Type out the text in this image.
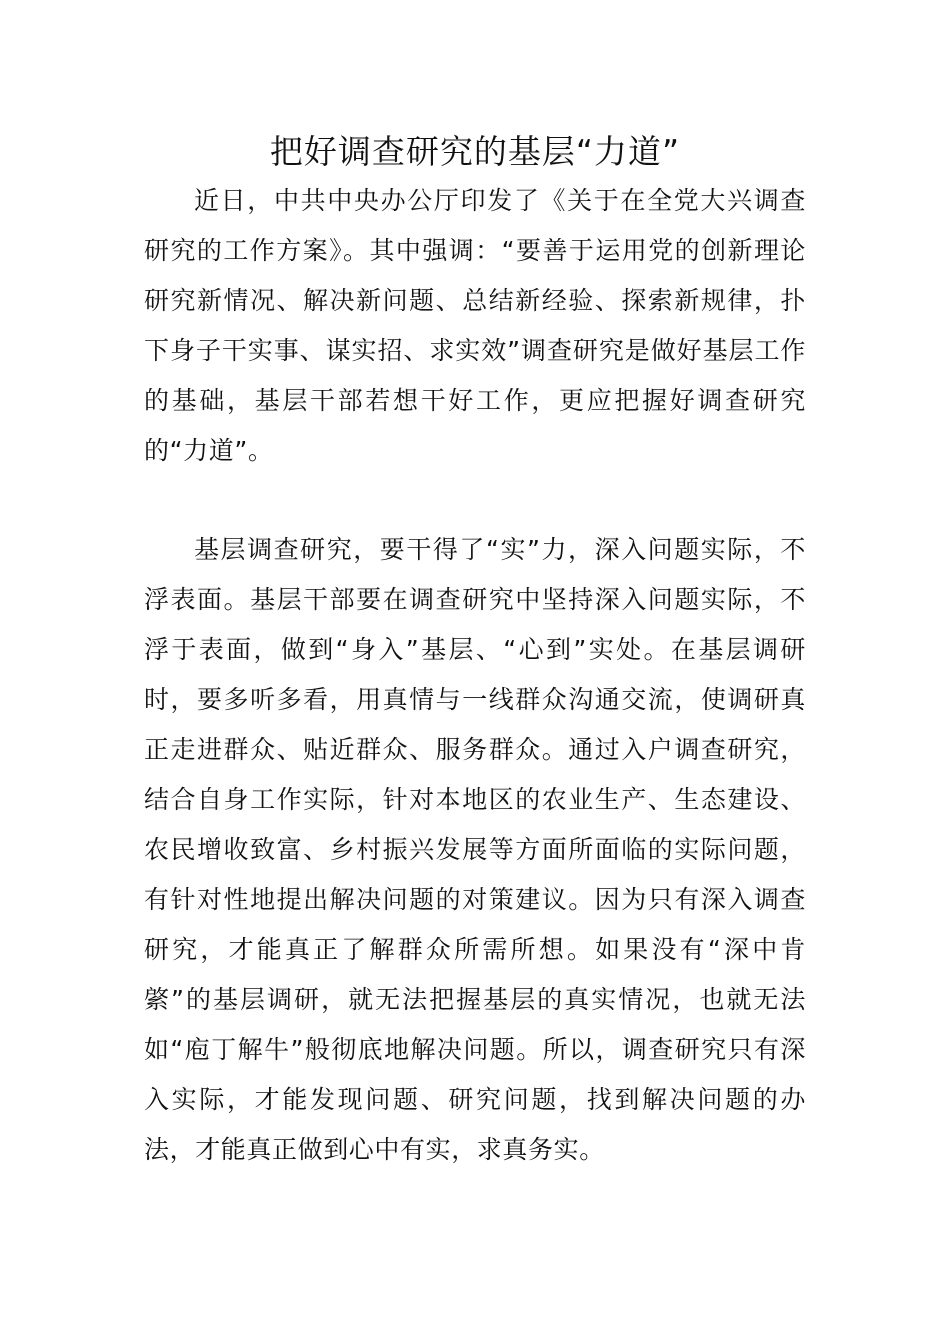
把好调查研究的基层“力道”

近日，中共中央办公厅印发了《关于在全党大兴调查研究的工作方案》。其中强调：“要善于运用党的创新理论研究新情况、解决新问题、总结新经验、探索新规律，扑下身子干实事、谋实招、求实效”调查研究是做好基层工作的基础，基层干部若想干好工作，更应把握好调查研究的“力道”。

基层调查研究，要干得了“实”力，深入问题实际，不浮表面。基层干部要在调查研究中坚持深入问题实际，不浮于表面，做到“身入”基层、“心到”实处。在基层调研时，要多听多看，用真情与一线群众沟通交流，使调研真正走进群众、贴近群众、服务群众。通过入户调查研究，结合自身工作实际，针对本地区的农业生产、生态建设、农民增收致富、乡村振兴发展等方面所面临的实际问题，有针对性地提出解决问题的对策建议。因为只有深入调查研究，才能真正了解群众所需所想。如果没有“深中肯綮”的基层调研，就无法把握基层的真实情况，也就无法如“庖丁解牛”般彻底地解决问题。所以，调查研究只有深入实际，才能发现问题、研究问题，找到解决问题的办法，才能真正做到心中有实，求真务实。
